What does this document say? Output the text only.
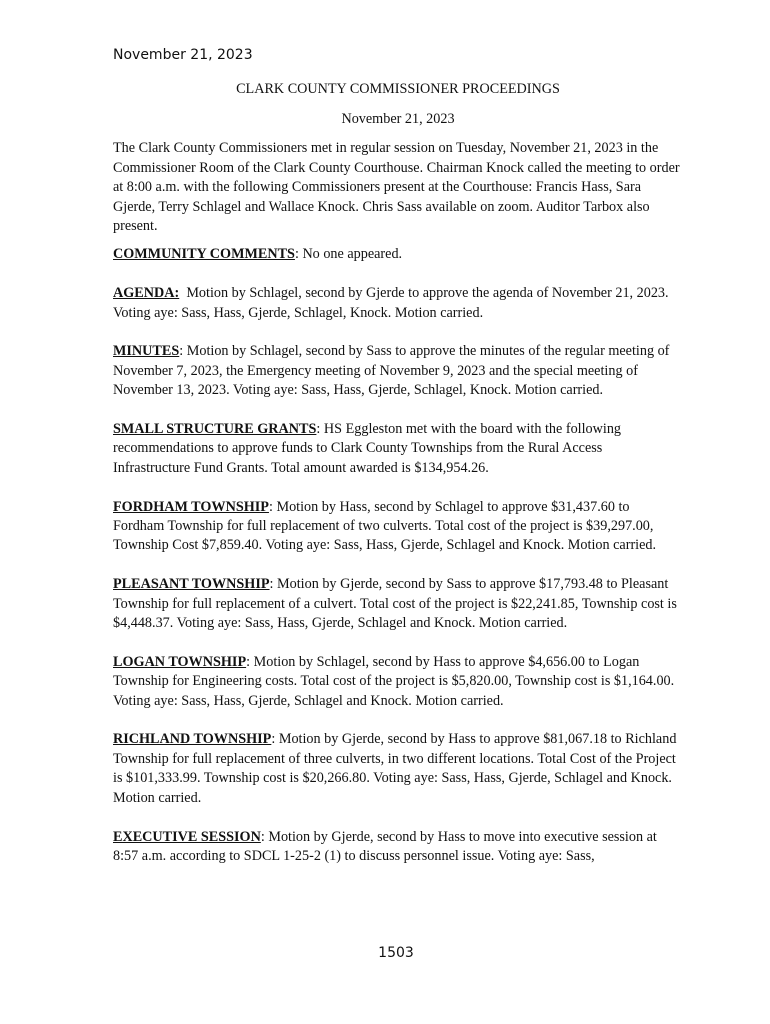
November 21, 2023
CLARK COUNTY COMMISSIONER PROCEEDINGS
November 21, 2023

The Clark County Commissioners met in regular session on Tuesday, November 21, 2023 in the Commissioner Room of the Clark County Courthouse. Chairman Knock called the meeting to order at 8:00 a.m. with the following Commissioners present at the Courthouse: Francis Hass, Sara Gjerde, Terry Schlagel and Wallace Knock. Chris Sass available on zoom. Auditor Tarbox also present.

COMMUNITY COMMENTS: No one appeared.
AGENDA: Motion by Schlagel, second by Gjerde to approve the agenda of November 21, 2023. Voting aye: Sass, Hass, Gjerde, Schlagel, Knock. Motion carried.
MINUTES: Motion by Schlagel, second by Sass to approve the minutes of the regular meeting of November 7, 2023, the Emergency meeting of November 9, 2023 and the special meeting of November 13, 2023. Voting aye: Sass, Hass, Gjerde, Schlagel, Knock. Motion carried.
SMALL STRUCTURE GRANTS: HS Eggleston met with the board with the following recommendations to approve funds to Clark County Townships from the Rural Access Infrastructure Fund Grants. Total amount awarded is $134,954.26.
FORDHAM TOWNSHIP: Motion by Hass, second by Schlagel to approve $31,437.60 to Fordham Township for full replacement of two culverts. Total cost of the project is $39,297.00, Township Cost $7,859.40. Voting aye: Sass, Hass, Gjerde, Schlagel and Knock. Motion carried.
PLEASANT TOWNSHIP: Motion by Gjerde, second by Sass to approve $17,793.48 to Pleasant Township for full replacement of a culvert. Total cost of the project is $22,241.85, Township cost is $4,448.37. Voting aye: Sass, Hass, Gjerde, Schlagel and Knock. Motion carried.
LOGAN TOWNSHIP: Motion by Schlagel, second by Hass to approve $4,656.00 to Logan Township for Engineering costs. Total cost of the project is $5,820.00, Township cost is $1,164.00. Voting aye: Sass, Hass, Gjerde, Schlagel and Knock. Motion carried.
RICHLAND TOWNSHIP: Motion by Gjerde, second by Hass to approve $81,067.18 to Richland Township for full replacement of three culverts, in two different locations. Total Cost of the Project is $101,333.99. Township cost is $20,266.80. Voting aye: Sass, Hass, Gjerde, Schlagel and Knock. Motion carried.
EXECUTIVE SESSION: Motion by Gjerde, second by Hass to move into executive session at 8:57 a.m. according to SDCL 1-25-2 (1) to discuss personnel issue. Voting aye: Sass,
1503
